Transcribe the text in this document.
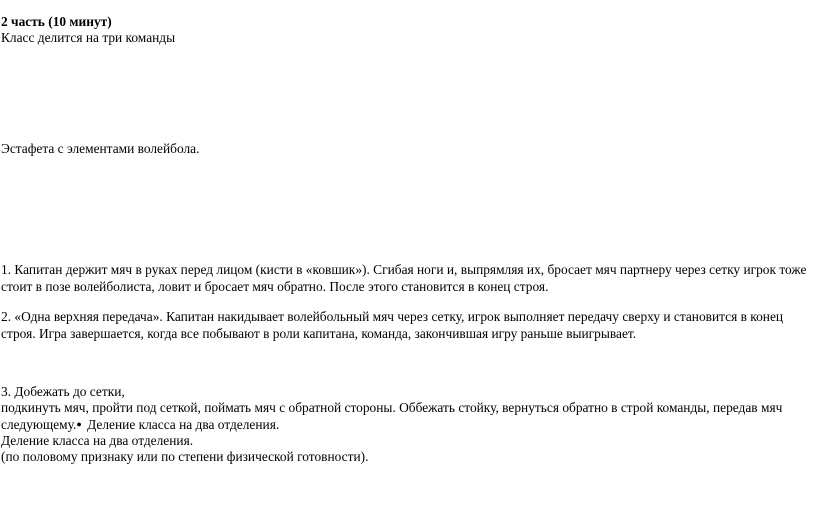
2 часть (10 минут)
Класс делится на три команды
Эстафета с элементами волейбола.
1. Капитан держит мяч в руках перед лицом (кисти в «ковшик»). Сгибая ноги и, выпрямляя их, бросает мяч партнеру через сетку игрок тоже
стоит в позе волейболиста, ловит и бросает мяч обратно. После этого становится в конец строя.
2. «Одна верхняя передача». Капитан накидывает волейбольный мяч через сетку, игрок выполняет передачу сверху и становится в конец
строя. Игра завершается, когда все побывают в роли капитана, команда, закончившая игру раньше выигрывает.
3. Добежать до сетки,
подкинуть мяч, пройти под сеткой, поймать мяч с обратной стороны. Оббежать стойку, вернуться обратно в строй команды, передав мяч
следующему.● Деление класса на два отделения.
Деление класса на два отделения.
(по половому признаку или по степени физической готовности).
